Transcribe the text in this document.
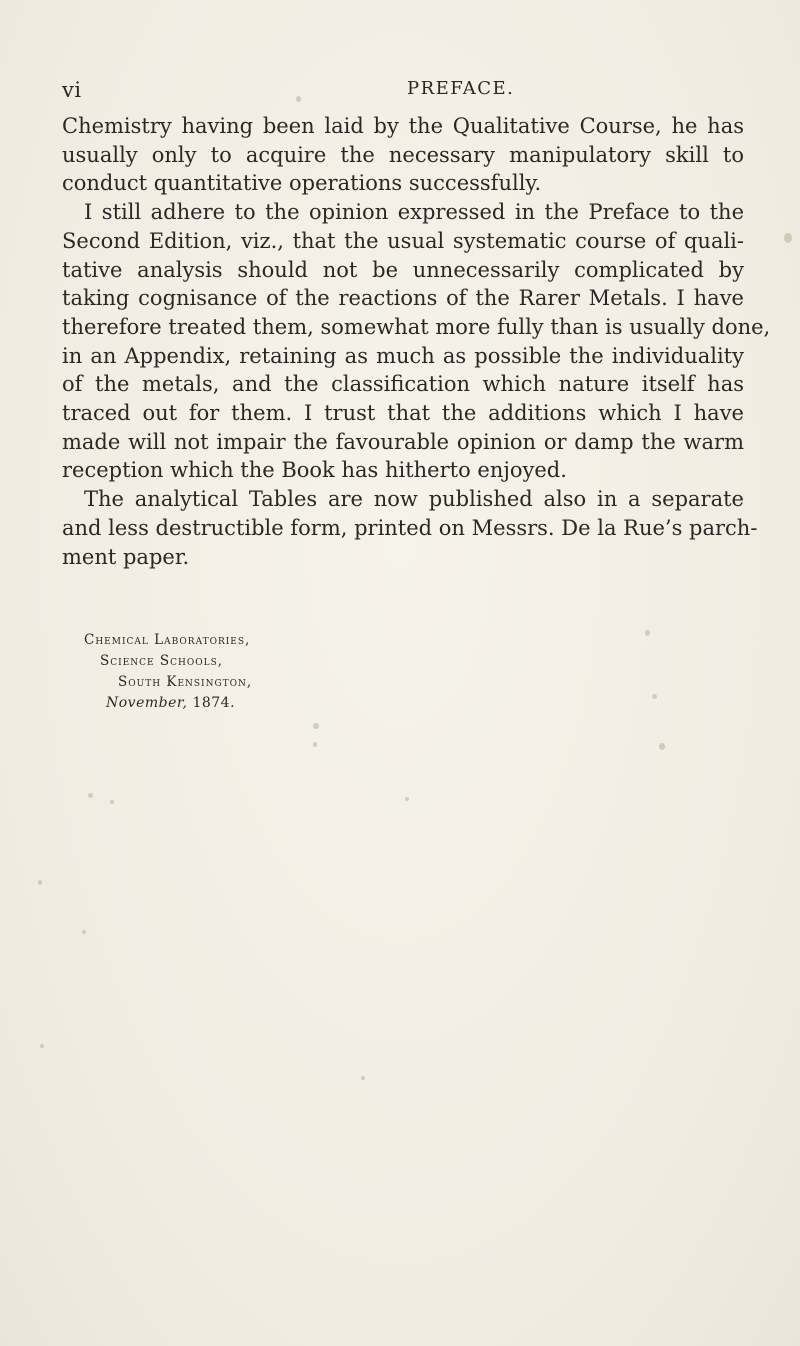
vi	PREFACE.
Chemistry having been laid by the Qualitative Course, he has
usually only to acquire the necessary manipulatory skill to
conduct quantitative operations successfully.
I still adhere to the opinion expressed in the Preface to the
Second Edition, viz., that the usual systematic course of quali-
tative analysis should not be unnecessarily complicated by
taking cognisance of the reactions of the Rarer Metals. I have
therefore treated them, somewhat more fully than is usually done,
in an Appendix, retaining as much as possible the individuality
of the metals, and the classification which nature itself has
traced out for them. I trust that the additions which I have
made will not impair the favourable opinion or damp the warm
reception which the Book has hitherto enjoyed.
The analytical Tables are now published also in a separate
and less destructible form, printed on Messrs. De la Rue’s parch-
ment paper.
Chemical Laboratories,
Science Schools,
South Kensington,
November, 1874.
